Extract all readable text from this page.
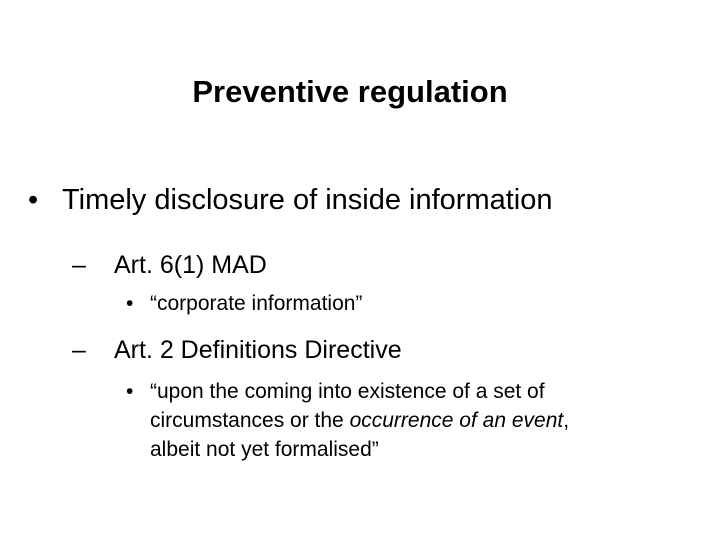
Preventive regulation
• Timely disclosure of inside information
–	Art. 6(1) MAD
• “corporate information”
–	Art. 2 Definitions Directive
• “upon the coming into existence of a set of
circumstances or the occurrence of an event,
albeit not yet formalised”
